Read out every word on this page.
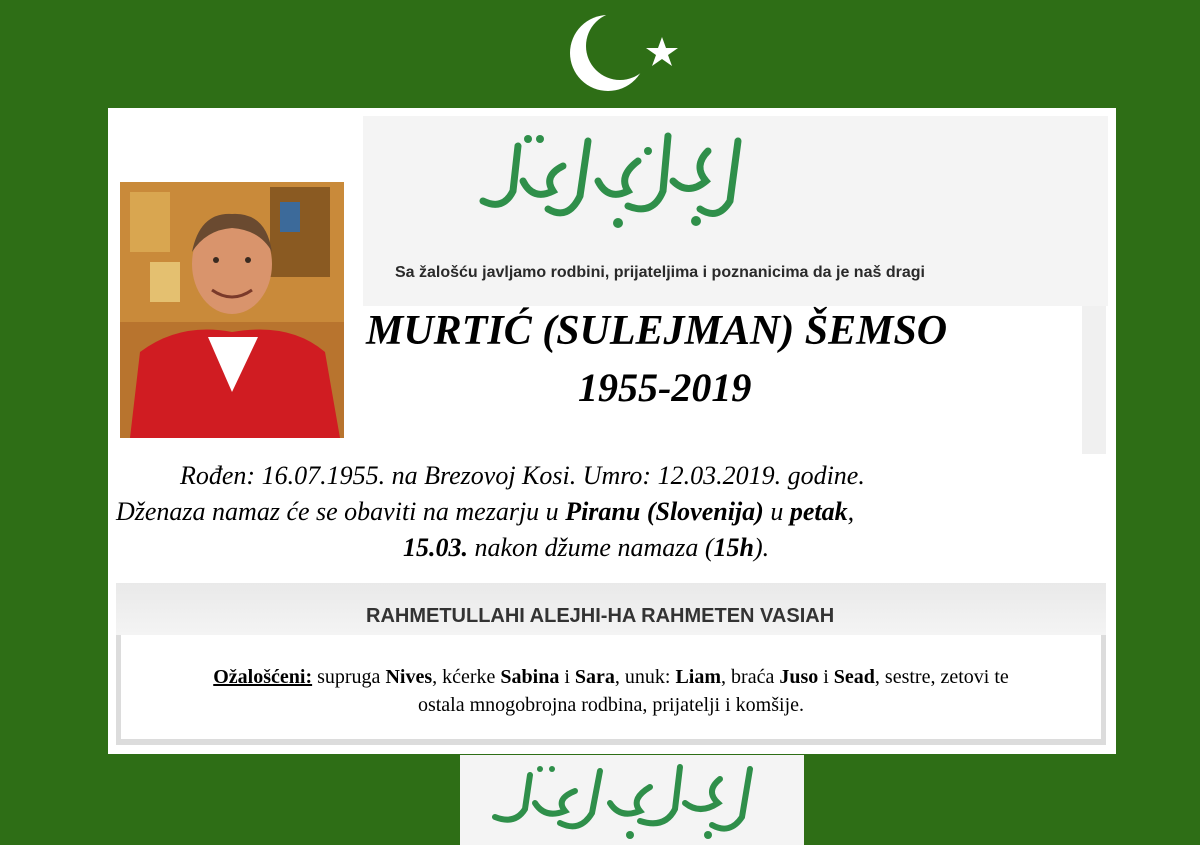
Sa žalošću javljamo rodbini, prijateljima i poznanicima da je naš dragi
MURTIĆ (SULEJMAN) ŠEMSO
1955-2019
Rođen: 16.07.1955. na Brezovoj Kosi. Umro: 12.03.2019. godine.
Dženaza namaz će se obaviti na mezarju u Piranu (Slovenija) u petak,
15.03. nakon džume namaza (15h).
RAHMETULLAHI ALEJHI-HA RAHMETEN VASIAH
Ožalošćeni: supruga Nives, kćerke Sabina i Sara, unuk: Liam, braća Juso i Sead, sestre, zetovi te
ostala mnogobrojna rodbina, prijatelji i komšije.
